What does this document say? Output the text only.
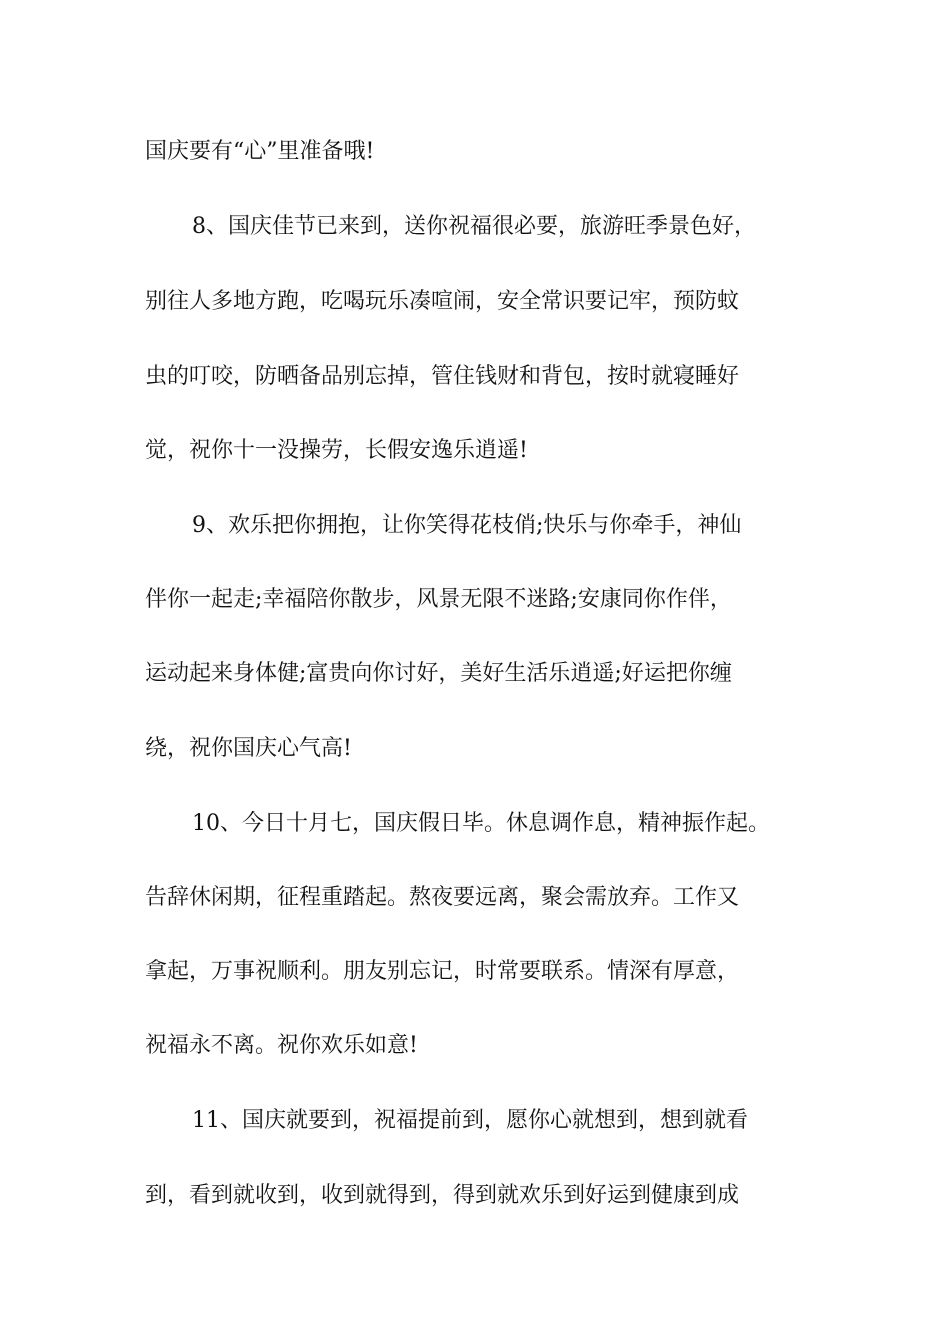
国庆要有“心”里准备哦!

8、国庆佳节已来到，送你祝福很必要，旅游旺季景色好，

别往人多地方跑，吃喝玩乐凑喧闹，安全常识要记牢，预防蚊

虫的叮咬，防晒备品别忘掉，管住钱财和背包，按时就寝睡好

觉，祝你十一没操劳，长假安逸乐逍遥!

9、欢乐把你拥抱，让你笑得花枝俏;快乐与你牵手，神仙

伴你一起走;幸福陪你散步，风景无限不迷路;安康同你作伴，

运动起来身体健;富贵向你讨好，美好生活乐逍遥;好运把你缠

绕，祝你国庆心气高!

10、今日十月七，国庆假日毕。休息调作息，精神振作起。

告辞休闲期，征程重踏起。熬夜要远离，聚会需放弃。工作又

拿起，万事祝顺利。朋友别忘记，时常要联系。情深有厚意，

祝福永不离。祝你欢乐如意!

11、国庆就要到，祝福提前到，愿你心就想到，想到就看

到，看到就收到，收到就得到，得到就欢乐到好运到健康到成
